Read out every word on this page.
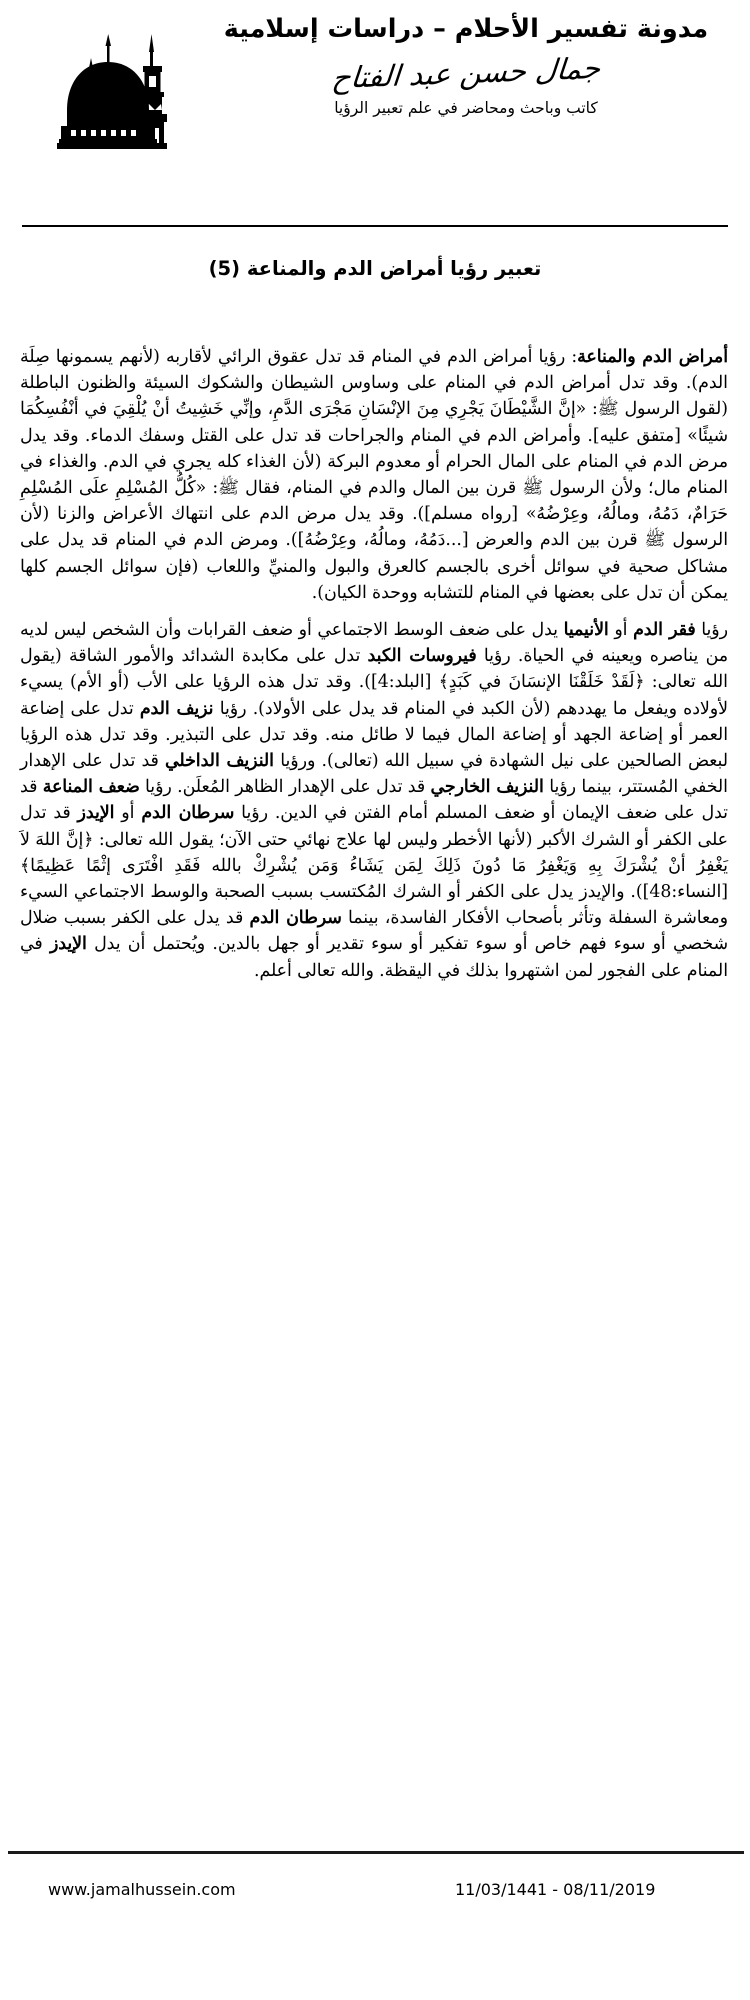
مدونة تفسير الأحلام – دراسات إسلامية
جمال حسن عبد الفتاح
كاتب وباحث ومحاضر في علم تعبير الرؤيا
تعبير رؤيا أمراض الدم والمناعة (5)

أمراض الدم والمناعة: رؤيا أمراض الدم في المنام قد تدل عقوق الرائي لأقاربه (لأنهم يسمونها صِلَة الدم). وقد تدل أمراض الدم في المنام على وساوس الشيطان والشكوك السيئة والظنون الباطلة (لقول الرسول ﷺ: «إنَّ الشَّيْطَانَ يَجْرِي مِنَ الإنْسَانِ مَجْرَى الدَّمِ، وإنِّي خَشِيتُ أنْ يُلْقِيَ في أنْفُسِكُمَا شيئًا» [متفق عليه]. وأمراض الدم في المنام والجراحات قد تدل على القتل وسفك الدماء. وقد يدل مرض الدم في المنام على المال الحرام أو معدوم البركة (لأن الغذاء كله يجري في الدم. والغذاء في المنام مال؛ ولأن الرسول ﷺ قرن بين المال والدم في المنام، فقال ﷺ: «كُلُّ المُسْلِمِ علَى المُسْلِمِ حَرَامٌ، دَمُهُ، ومالُهُ، وعِرْضُهُ» [رواه مسلم]). وقد يدل مرض الدم على انتهاك الأعراض والزنا (لأن الرسول ﷺ قرن بين الدم والعرض [...دَمُهُ، ومالُهُ، وعِرْضُهُ]). ومرض الدم في المنام قد يدل على مشاكل صحية في سوائل أخرى بالجسم كالعرق والبول والمنيِّ واللعاب (فإن سوائل الجسم كلها يمكن أن تدل على بعضها في المنام للتشابه ووحدة الكيان).

رؤيا فقر الدم أو الأنيميا يدل على ضعف الوسط الاجتماعي أو ضعف القرابات وأن الشخص ليس لديه من يناصره ويعينه في الحياة. رؤيا فيروسات الكبد تدل على مكابدة الشدائد والأمور الشاقة (يقول الله تعالى: ﴿لَقَدْ خَلَقْنَا الإنسَانَ في كَبَدٍ﴾ [البلد:4]). وقد تدل هذه الرؤيا على الأب (أو الأم) يسيء لأولاده ويفعل ما يهددهم (لأن الكبد في المنام قد يدل على الأولاد). رؤيا نزيف الدم تدل على إضاعة العمر أو إضاعة الجهد أو إضاعة المال فيما لا طائل منه. وقد تدل على التبذير. وقد تدل هذه الرؤيا لبعض الصالحين على نيل الشهادة في سبيل الله (تعالى). ورؤيا النزيف الداخلي قد تدل على الإهدار الخفي المُستتر، بينما رؤيا النزيف الخارجي قد تدل على الإهدار الظاهر المُعلَن. رؤيا ضعف المناعة قد تدل على ضعف الإيمان أو ضعف المسلم أمام الفتن في الدين. رؤيا سرطان الدم أو الإيدز قد تدل على الكفر أو الشرك الأكبر (لأنها الأخطر وليس لها علاج نهائي حتى الآن؛ يقول الله تعالى: ﴿إنَّ اللهَ لاَ يَغْفِرُ أنْ يُشْرَكَ بِهِ وَيَغْفِرُ مَا دُونَ ذَلِكَ لِمَن يَشَاءُ وَمَن يُشْرِكْ بالله فَقَدِ افْتَرَى إثْمًا عَظِيمًا﴾ [النساء:48]). والإيدز يدل على الكفر أو الشرك المُكتسب بسبب الصحبة والوسط الاجتماعي السيء ومعاشرة السفلة وتأثر بأصحاب الأفكار الفاسدة، بينما سرطان الدم قد يدل على الكفر بسبب ضلال شخصي أو سوء فهم خاص أو سوء تفكير أو سوء تقدير أو جهل بالدين. ويُحتمل أن يدل الإيدز في المنام على الفجور لمن اشتهروا بذلك في اليقظة. والله تعالى أعلم.

www.jamalhussein.com	11/03/1441 - 08/11/2019
